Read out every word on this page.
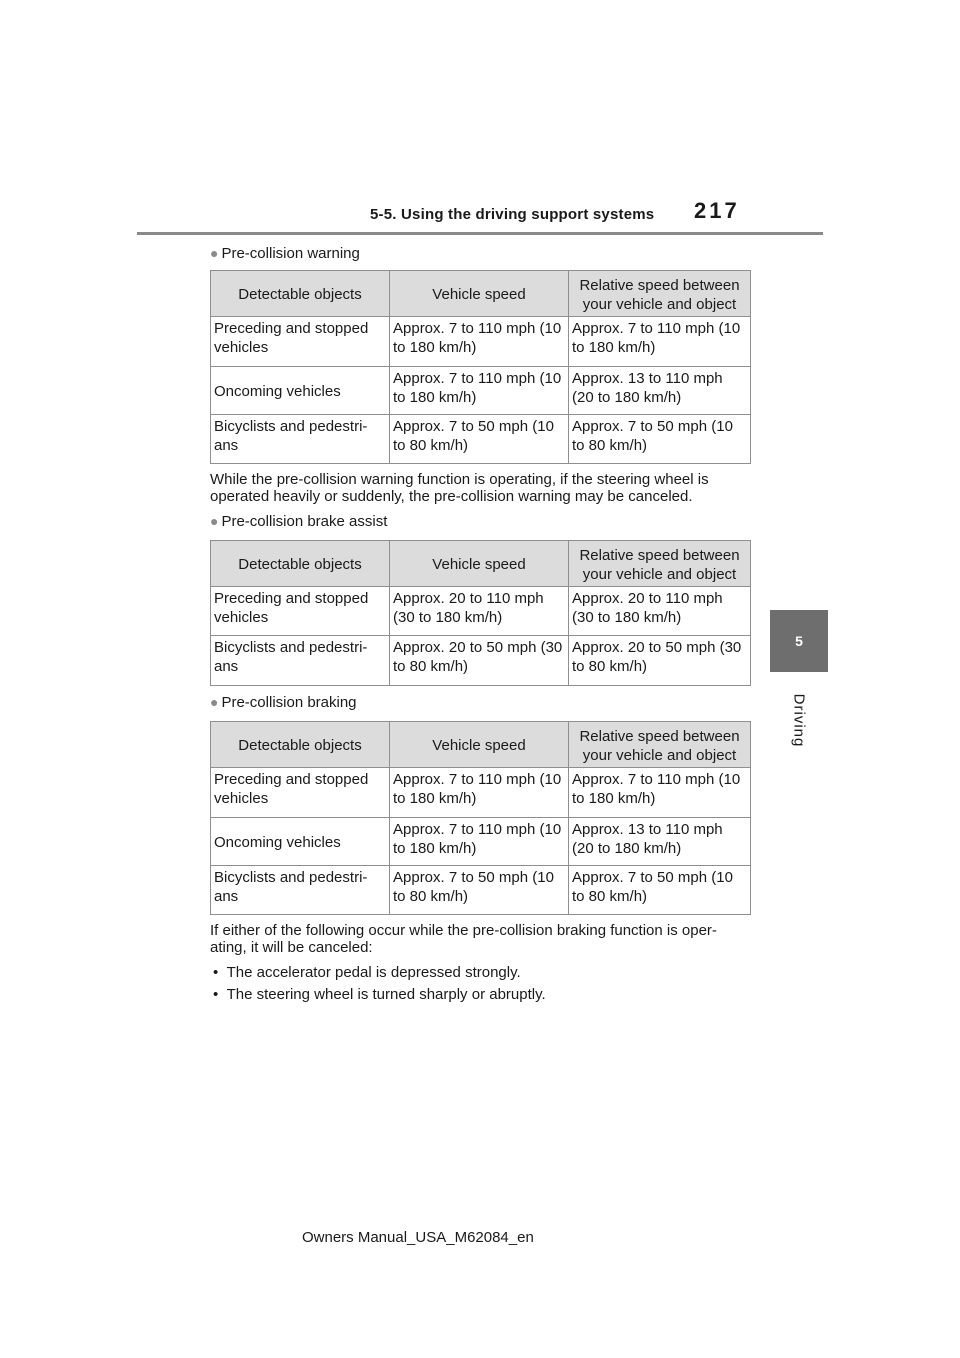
5-5. Using the driving support systems 217
5
Driving

● Pre-collision warning

Detectable objects	Vehicle speed	Relative speed between your vehicle and object
Preceding and stopped vehicles	Approx. 7 to 110 mph (10 to 180 km/h)	Approx. 7 to 110 mph (10 to 180 km/h)
Oncoming vehicles	Approx. 7 to 110 mph (10 to 180 km/h)	Approx. 13 to 110 mph (20 to 180 km/h)
Bicyclists and pedestri-ans	Approx. 7 to 50 mph (10 to 80 km/h)	Approx. 7 to 50 mph (10 to 80 km/h)

While the pre-collision warning function is operating, if the steering wheel is operated heavily or suddenly, the pre-collision warning may be canceled.

● Pre-collision brake assist

Detectable objects	Vehicle speed	Relative speed between your vehicle and object
Preceding and stopped vehicles	Approx. 20 to 110 mph (30 to 180 km/h)	Approx. 20 to 110 mph (30 to 180 km/h)
Bicyclists and pedestri-ans	Approx. 20 to 50 mph (30 to 80 km/h)	Approx. 20 to 50 mph (30 to 80 km/h)

● Pre-collision braking

Detectable objects	Vehicle speed	Relative speed between your vehicle and object
Preceding and stopped vehicles	Approx. 7 to 110 mph (10 to 180 km/h)	Approx. 7 to 110 mph (10 to 180 km/h)
Oncoming vehicles	Approx. 7 to 110 mph (10 to 180 km/h)	Approx. 13 to 110 mph (20 to 180 km/h)
Bicyclists and pedestri-ans	Approx. 7 to 50 mph (10 to 80 km/h)	Approx. 7 to 50 mph (10 to 80 km/h)

If either of the following occur while the pre-collision braking function is oper-ating, it will be canceled:

•  The accelerator pedal is depressed strongly.
•  The steering wheel is turned sharply or abruptly.
Owners Manual_USA_M62084_en
